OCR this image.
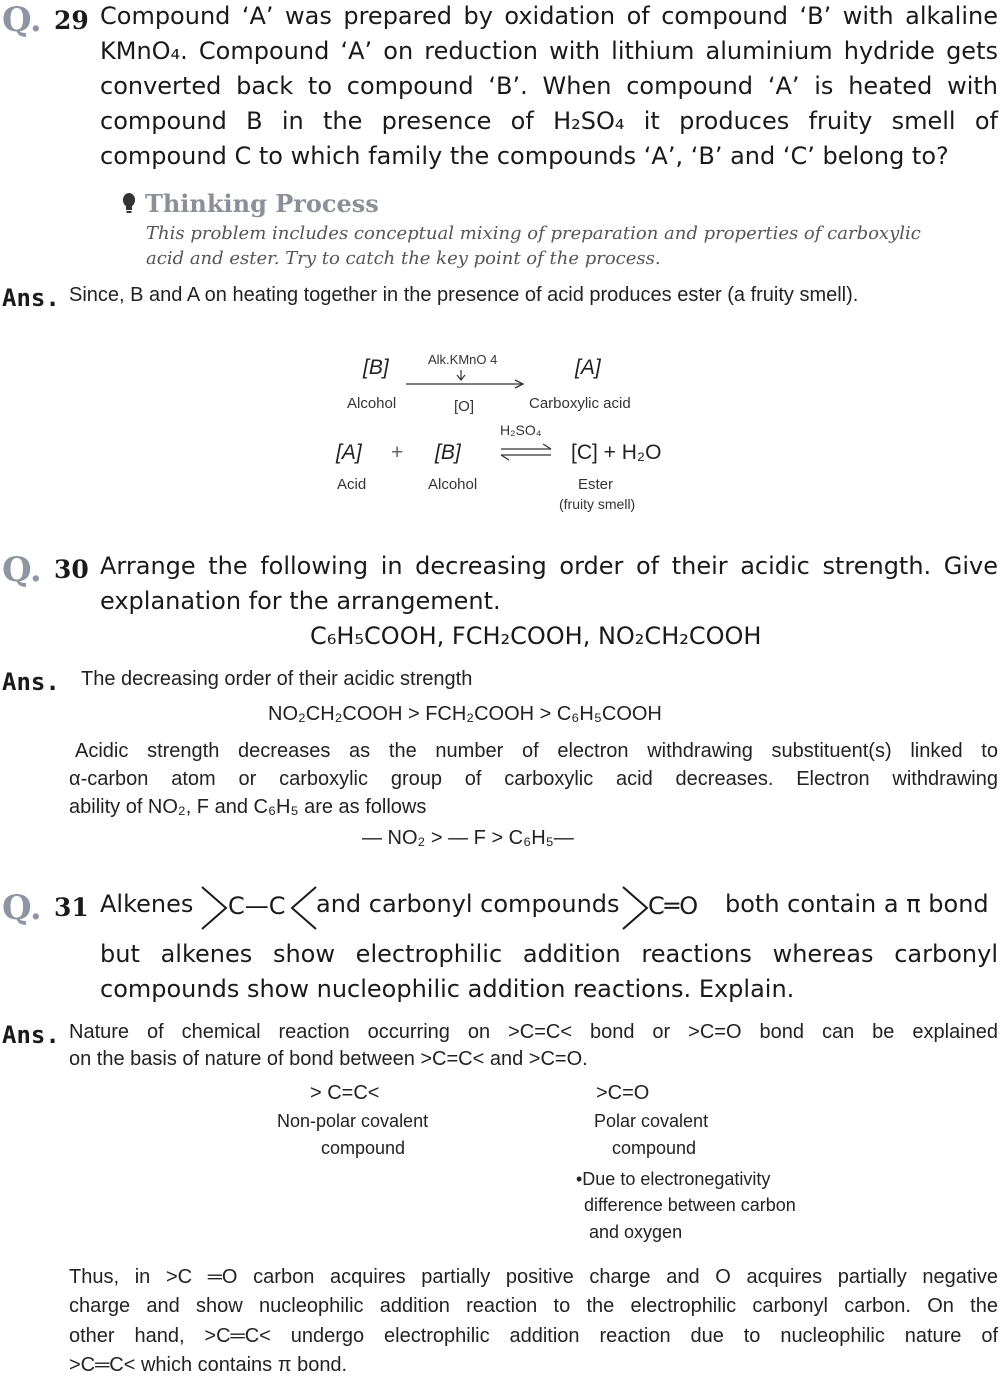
Q. 29 Compound ‘A’ was prepared by oxidation of compound ‘B’ with alkaline
KMnO₄. Compound ‘A’ on reduction with lithium aluminium hydride gets
converted back to compound ‘B’. When compound ‘A’ is heated with
compound B in the presence of H₂SO₄ it produces fruity smell of
compound C to which family the compounds ‘A’, ‘B’ and ‘C’ belong to?
Thinking Process
This problem includes conceptual mixing of preparation and properties of carboxylic
acid and ester. Try to catch the key point of the process.
Ans. Since, B and A on heating together in the presence of acid produces ester (a fruity smell).
[B]	Alk.KMnO 4	[A]
Alcohol	[O]	Carboxylic acid
[A] + [B]
H₂SO₄
⇌ [C] + H₂O
Acid	Alcohol	Ester
(fruity smell)
Q. 30 Arrange the following in decreasing order of their acidic strength. Give
explanation for the arrangement.
C₆H₅COOH, FCH₂COOH, NO₂CH₂COOH
Ans. The decreasing order of their acidic strength
NO₂CH₂COOH > FCH₂COOH > C₆H₅COOH
Acidic strength decreases as the number of electron withdrawing substituent(s) linked to
α-carbon atom or carboxylic group of carboxylic acid decreases. Electron withdrawing
ability of NO₂, F and C₆H₅ are as follows
— NO₂ > — F > C₆H₅—
Q. 31 Alkenes C—C and carbonyl compounds C═O both contain a π bond
but alkenes show electrophilic addition reactions whereas carbonyl
compounds show nucleophilic addition reactions. Explain.
Ans. Nature of chemical reaction occurring on >C=C< bond or >C=O bond can be explained
on the basis of nature of bond between >C=C< and >C=O.
> C=C<
Non-polar covalent
compound
>C=O
Polar covalent
compound
•Due to electronegativity
difference between carbon
and oxygen
Thus, in >C ═O carbon acquires partially positive charge and O acquires partially negative
charge and show nucleophilic addition reaction to the electrophilic carbonyl carbon. On the
other hand, >C═C< undergo electrophilic addition reaction due to nucleophilic nature of
>C═C< which contains π bond.
